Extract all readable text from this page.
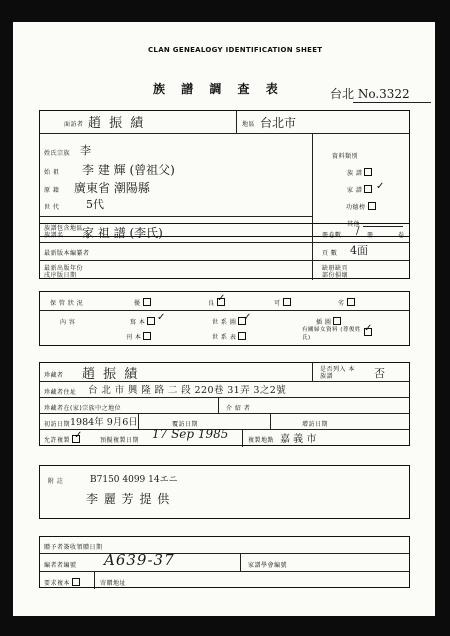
CLAN GENEALOGY IDENTIFICATION SHEET
族 譜 調 查 表	台北 No.3322
面訪者 趙 振 績	地區 台北市
姓氏宗族 李
始 祖 李 建 輝 (曾祖父)
原 籍 廣東省 潮陽縣
世 代 5代
族譜包含地區
資料類別
族 譜
家 譜	✓
功德榜
其他
族譜名 家 祖 譜 (李氏)	冊卷數 / 冊	卷
最新版本編纂者	頁 數 4面
最新出版年份
戌序版日期
缺册缺頁
部份損壞
保 管 狀 況	優	良 ✓	可	劣
內 容	寫 本	✓	世 系 圖 ✓	插 圖
刊 本	世 系 表
有關婦女資料 (尊俊姓氏)
✓
珍藏者 趙 振 績	是否列入 本族譜	否
珍藏者住址 台 北 市 興 隆 路 二 段 220巷 31弄 3之2號
珍藏者在(家)宗族中之地位	介 紹 者
初訪日期 1984年 9月6日	覆訪日期	增訪日期
允許複製 ✓	預擬複製日期 17 Sep 1985	複製地點 嘉 義 市
附 註	B7150 4099 14エニ
李 麗 芳 提 供
贈予者簽收領贈日期
編者者編號 A639-37	家譜學會編號
要求複本	寄贈地址
